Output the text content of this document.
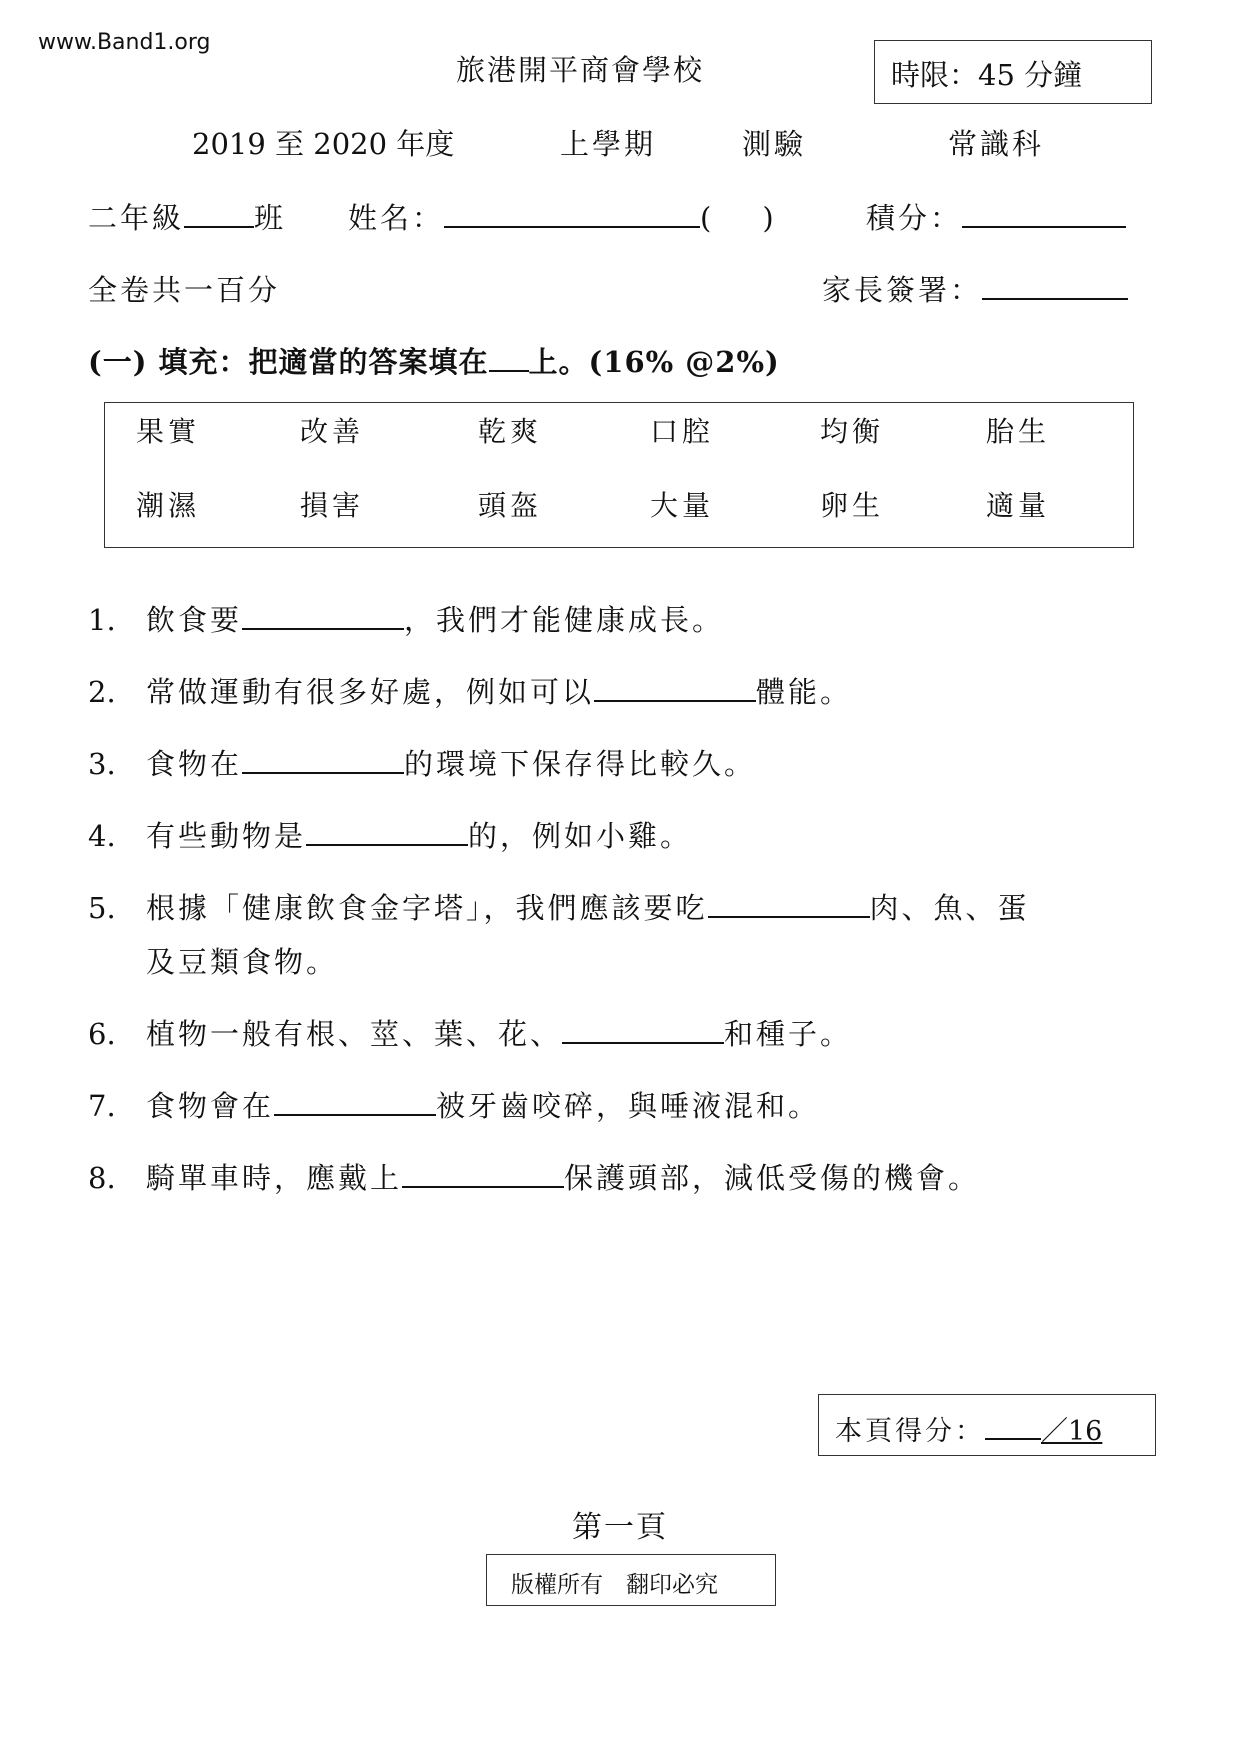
www.Band1.org
旅港開平商會學校	時限：45 分鐘
2019 至 2020 年度	上學期	測驗	常識科
二年級 班 姓名：	( )	積分：
全卷共一百分	家長簽署：
(一) 填充：把適當的答案填在 上。(16% @2%)
果實	改善	乾爽	口腔	均衡	胎生
潮濕	損害	頭盔	大量	卵生	適量
1. 飲食要	，我們才能健康成長。
2. 常做運動有很多好處，例如可以	體能。
3. 食物在	的環境下保存得比較久。
4. 有些動物是	的，例如小雞。
5. 根據「健康飲食金字塔」，我們應該要吃	肉、魚、蛋
及豆類食物。
6. 植物一般有根、莖、葉、花、	和種子。
7. 食物會在	被牙齒咬碎，與唾液混和。
8. 騎單車時，應戴上	保護頭部，減低受傷的機會。
本頁得分： ／16
第一頁
版權所有　翻印必究
